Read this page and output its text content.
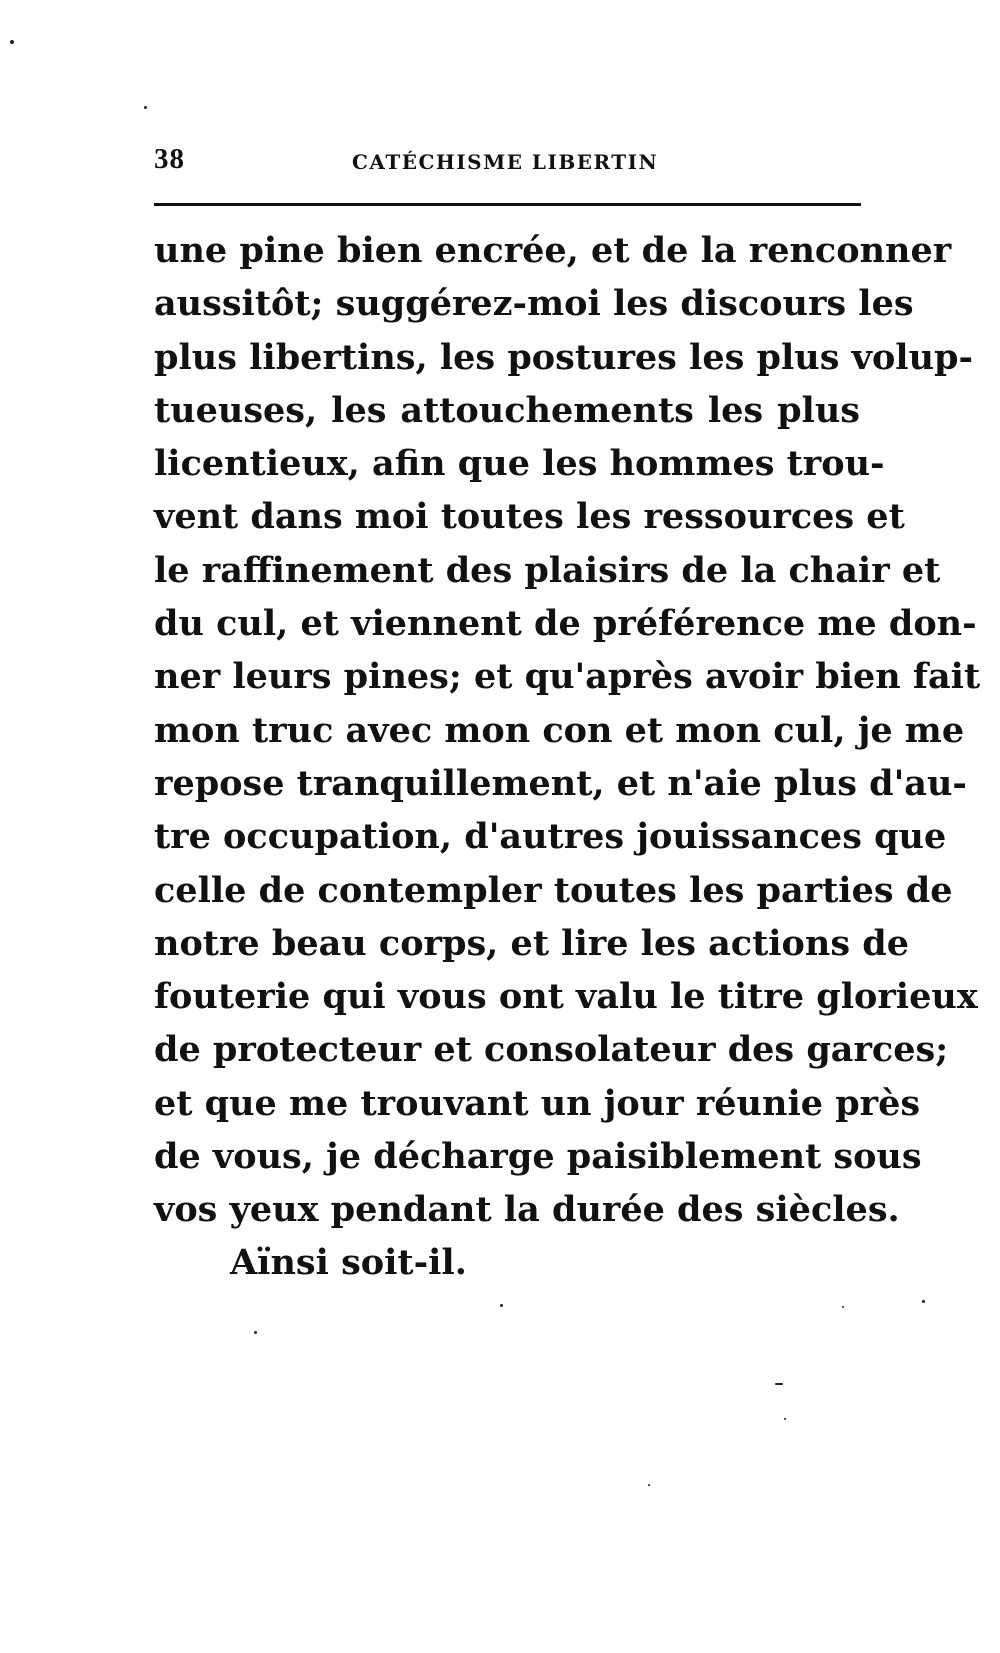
38	CATÉCHISME LIBERTIN
une pine bien encrée, et de la renconner
aussitôt; suggérez-moi les discours les
plus libertins, les postures les plus volup-
tueuses, les attouchements les plus
licentieux, afin que les hommes trou-
vent dans moi toutes les ressources et
le raffinement des plaisirs de la chair et
du cul, et viennent de préférence me don-
ner leurs pines; et qu'après avoir bien fait
mon truc avec mon con et mon cul, je me
repose tranquillement, et n'aie plus d'au-
tre occupation, d'autres jouissances que
celle de contempler toutes les parties de
notre beau corps, et lire les actions de
fouterie qui vous ont valu le titre glorieux
de protecteur et consolateur des garces;
et que me trouvant un jour réunie près
de vous, je décharge paisiblement sous
vos yeux pendant la durée des siècles.
Aïnsi soit-il.
